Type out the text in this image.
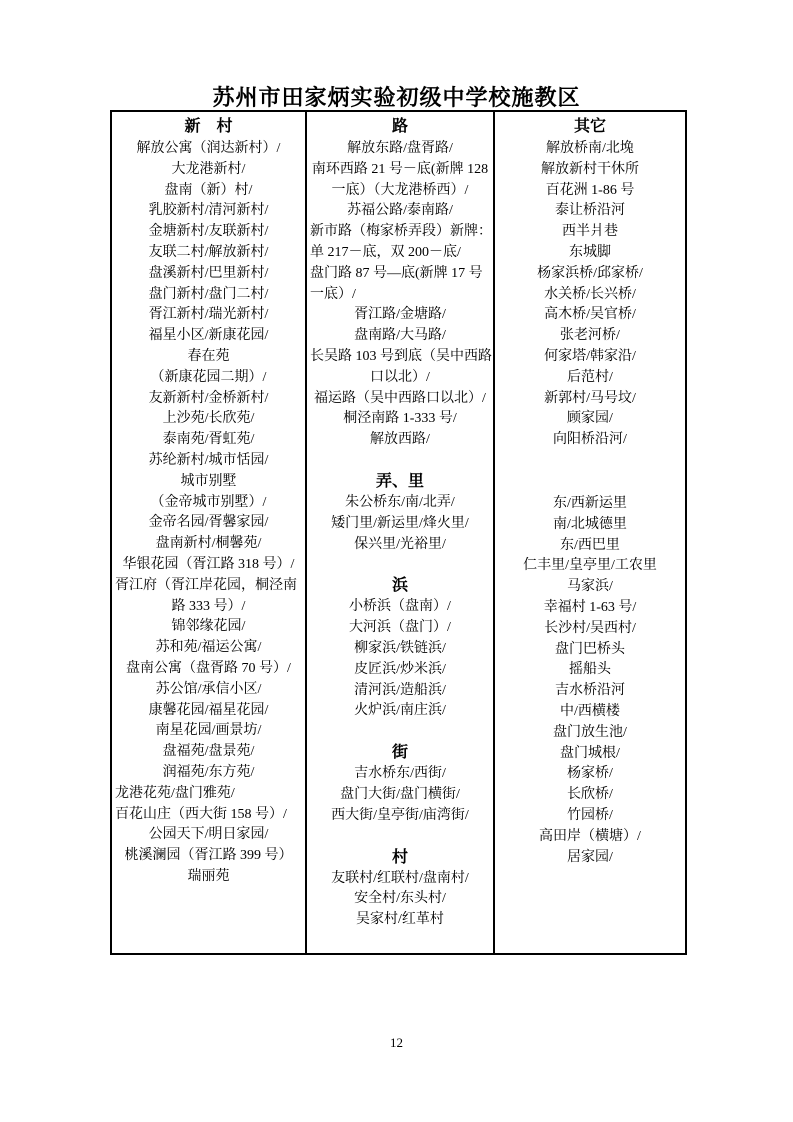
苏州市田家炳实验初级中学校施教区
新　村
解放公寓（润达新村）/
大龙港新村/
盘南（新）村/
乳胶新村/清河新村/
金塘新村/友联新村/
友联二村/解放新村/
盘溪新村/巴里新村/
盘门新村/盘门二村/
胥江新村/瑞光新村/
福星小区/新康花园/
春在苑
（新康花园二期）/
友新新村/金桥新村/
上沙苑/长欣苑/
泰南苑/胥虹苑/
苏纶新村/城市恬园/
城市别墅
（金帝城市别墅）/
金帝名园/胥馨家园/
盘南新村/桐馨苑/
华银花园（胥江路 318 号）/
胥江府（胥江岸花园，桐泾南
路 333 号）/
锦邻缘花园/
苏和苑/福运公寓/
盘南公寓（盘胥路 70 号）/
苏公馆/承信小区/
康馨花园/福星花园/
南星花园/画景坊/
盘福苑/盘景苑/
润福苑/东方苑/
龙港花苑/盘门雅苑/
百花山庄（西大街 158 号）/
公园天下/明日家园/
桃溪澜园（胥江路 399 号）
瑞丽苑
路
解放东路/盘胥路/
南环西路 21 号－底(新牌 128
一底）（大龙港桥西）/
苏福公路/泰南路/
新市路（梅家桥弄段）新牌：
单 217－底，双 200－底/
盘门路 87 号—底(新牌 17 号
一底）/
胥江路/金塘路/
盘南路/大马路/
长吴路 103 号到底（吴中西路
口以北）/
福运路（吴中西路口以北）/
桐泾南路 1-333 号/
解放西路/
弄、里
朱公桥东/南/北弄/
矮门里/新运里/烽火里/
保兴里/光裕里/
浜
小桥浜（盘南）/
大河浜（盘门）/
柳家浜/铁链浜/
皮匠浜/炒米浜/
清河浜/造船浜/
火炉浜/南庄浜/
街
吉水桥东/西街/
盘门大街/盘门横街/
西大街/皇亭街/庙湾街/
村
友联村/红联村/盘南村/
安全村/东头村/
吴家村/红革村
其它
解放桥南/北堍
解放新村干休所
百花洲 1-86 号
泰让桥沿河
西半爿巷
东城脚
杨家浜桥/邱家桥/
水关桥/长兴桥/
高木桥/吴官桥/
张老河桥/
何家塔/韩家沿/
后范村/
新郭村/马号坟/
顾家园/
向阳桥沿河/
东/西新运里
南/北城德里
东/西巴里
仁丰里/皇亭里/工农里
马家浜/
幸福村 1-63 号/
长沙村/吴西村/
盘门巴桥头
摇船头
吉水桥沿河
中/西横楼
盘门放生池/
盘门城根/
杨家桥/
长欣桥/
竹园桥/
高田岸（横塘）/
居家园/
12
